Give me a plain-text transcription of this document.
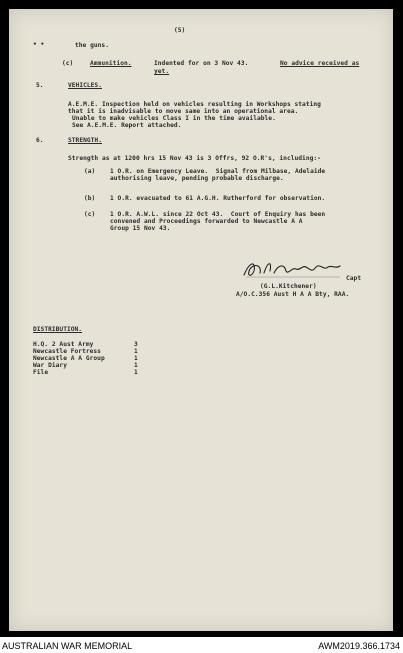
(5)
• •	the guns.
(c)	Ammunition.	Indented for on 3 Nov 43.	No advice received as
yet.
5.	VEHICLES.
A.E.M.E. Inspection held on vehicles resulting in Workshops stating
that it is inadvisable to move same into an operational area.
Unable to make vehicles Class I in the time available.
See A.E.M.E. Report attached.
6.	STRENGTH.
Strength as at 1200 hrs 15 Nov 43 is 3 Offrs, 92 O.R's, including:-
(a) 1 O.R. on Emergency Leave.  Signal from Milbase, Adelaide
authorising leave, pending probable discharge.
(b) 1 O.R. evacuated to 61 A.G.H. Rutherford for observation.
(c) 1 O.R. A.W.L. since 22 Oct 43.  Court of Enquiry has been
convened and Proceedings forwarded to Newcastle A A
Group 15 Nov 43.
Capt
(G.L.Kitchener)
A/O.C.356 Aust H A A Bty, RAA.
DISTRIBUTION.
H.Q. 2 Aust Army	3
Newcastle Fortress	1
Newcastle A A Group	1
War Diary	1
File	1
AUSTRALIAN WAR MEMORIAL	AWM2019.366.1734
